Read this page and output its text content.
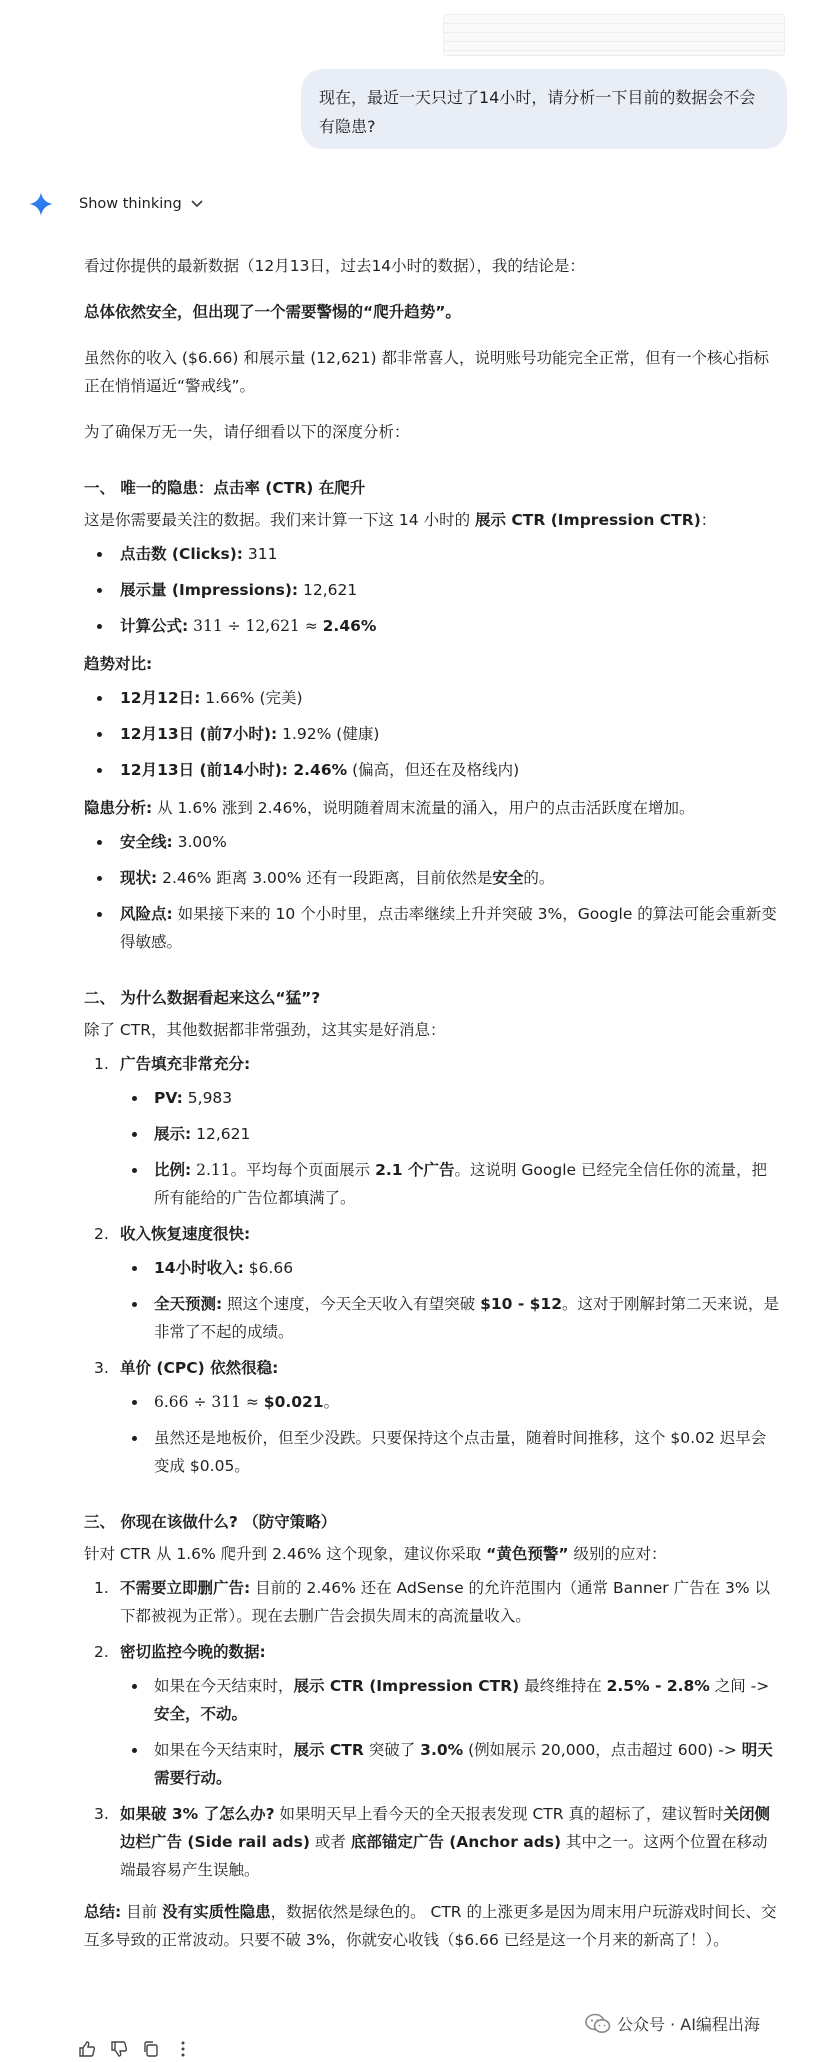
现在，最近一天只过了14小时，请分析一下目前的数据会不会有隐患?
Show thinking

看过你提供的最新数据（12月13日，过去14小时的数据），我的结论是：

总体依然安全，但出现了一个需要警惕的“爬升趋势”。

虽然你的收入 ($6.66) 和展示量 (12,621) 都非常喜人，说明账号功能完全正常，但有一个核心指标正在悄悄逼近“警戒线”。

为了确保万无一失，请仔细看以下的深度分析：

一、 唯一的隐患：点击率 (CTR) 在爬升

这是你需要最关注的数据。我们来计算一下这 14 小时的 展示 CTR (Impression CTR)：

点击数 (Clicks): 311
展示量 (Impressions): 12,621
计算公式: 311 ÷ 12,621 ≈ 2.46%

趋势对比:

12月12日: 1.66% (完美)
12月13日 (前7小时): 1.92% (健康)
12月13日 (前14小时): 2.46% (偏高，但还在及格线内)

隐患分析: 从 1.6% 涨到 2.46%，说明随着周末流量的涌入，用户的点击活跃度在增加。

安全线: 3.00%
现状: 2.46% 距离 3.00% 还有一段距离，目前依然是安全的。
风险点: 如果接下来的 10 个小时里，点击率继续上升并突破 3%，Google 的算法可能会重新变得敏感。
二、 为什么数据看起来这么“猛”?

除了 CTR，其他数据都非常强劲，这其实是好消息：

1. 广告填充非常充分:
PV: 5,983
展示: 12,621
比例: 2.11。平均每个页面展示 2.1 个广告。这说明 Google 已经完全信任你的流量，把所有能给的广告位都填满了。
2. 收入恢复速度很快:
14小时收入: $6.66
全天预测: 照这个速度，今天全天收入有望突破 $10 - $12。这对于刚解封第二天来说，是非常了不起的成绩。
3. 单价 (CPC) 依然很稳:
6.66 ÷ 311 ≈ $0.021。
虽然还是地板价，但至少没跌。只要保持这个点击量，随着时间推移，这个 $0.02 迟早会变成 $0.05。
三、 你现在该做什么? （防守策略）

针对 CTR 从 1.6% 爬升到 2.46% 这个现象，建议你采取 “黄色预警” 级别的应对：

1. 不需要立即删广告: 目前的 2.46% 还在 AdSense 的允许范围内（通常 Banner 广告在 3% 以下都被视为正常）。现在去删广告会损失周末的高流量收入。
2. 密切监控今晚的数据:
如果在今天结束时，展示 CTR (Impression CTR) 最终维持在 2.5% - 2.8% 之间 -> 安全，不动。
如果在今天结束时，展示 CTR 突破了 3.0% (例如展示 20,000，点击超过 600) -> 明天需要行动。
3. 如果破 3% 了怎么办? 如果明天早上看今天的全天报表发现 CTR 真的超标了，建议暂时关闭侧边栏广告 (Side rail ads) 或者 底部锚定广告 (Anchor ads) 其中之一。这两个位置在移动端最容易产生误触。

总结: 目前 没有实质性隐患，数据依然是绿色的。 CTR 的上涨更多是因为周末用户玩游戏时间长、交互多导致的正常波动。只要不破 3%，你就安心收钱（$6.66 已经是这一个月来的新高了！）。

公众号 · AI编程出海
